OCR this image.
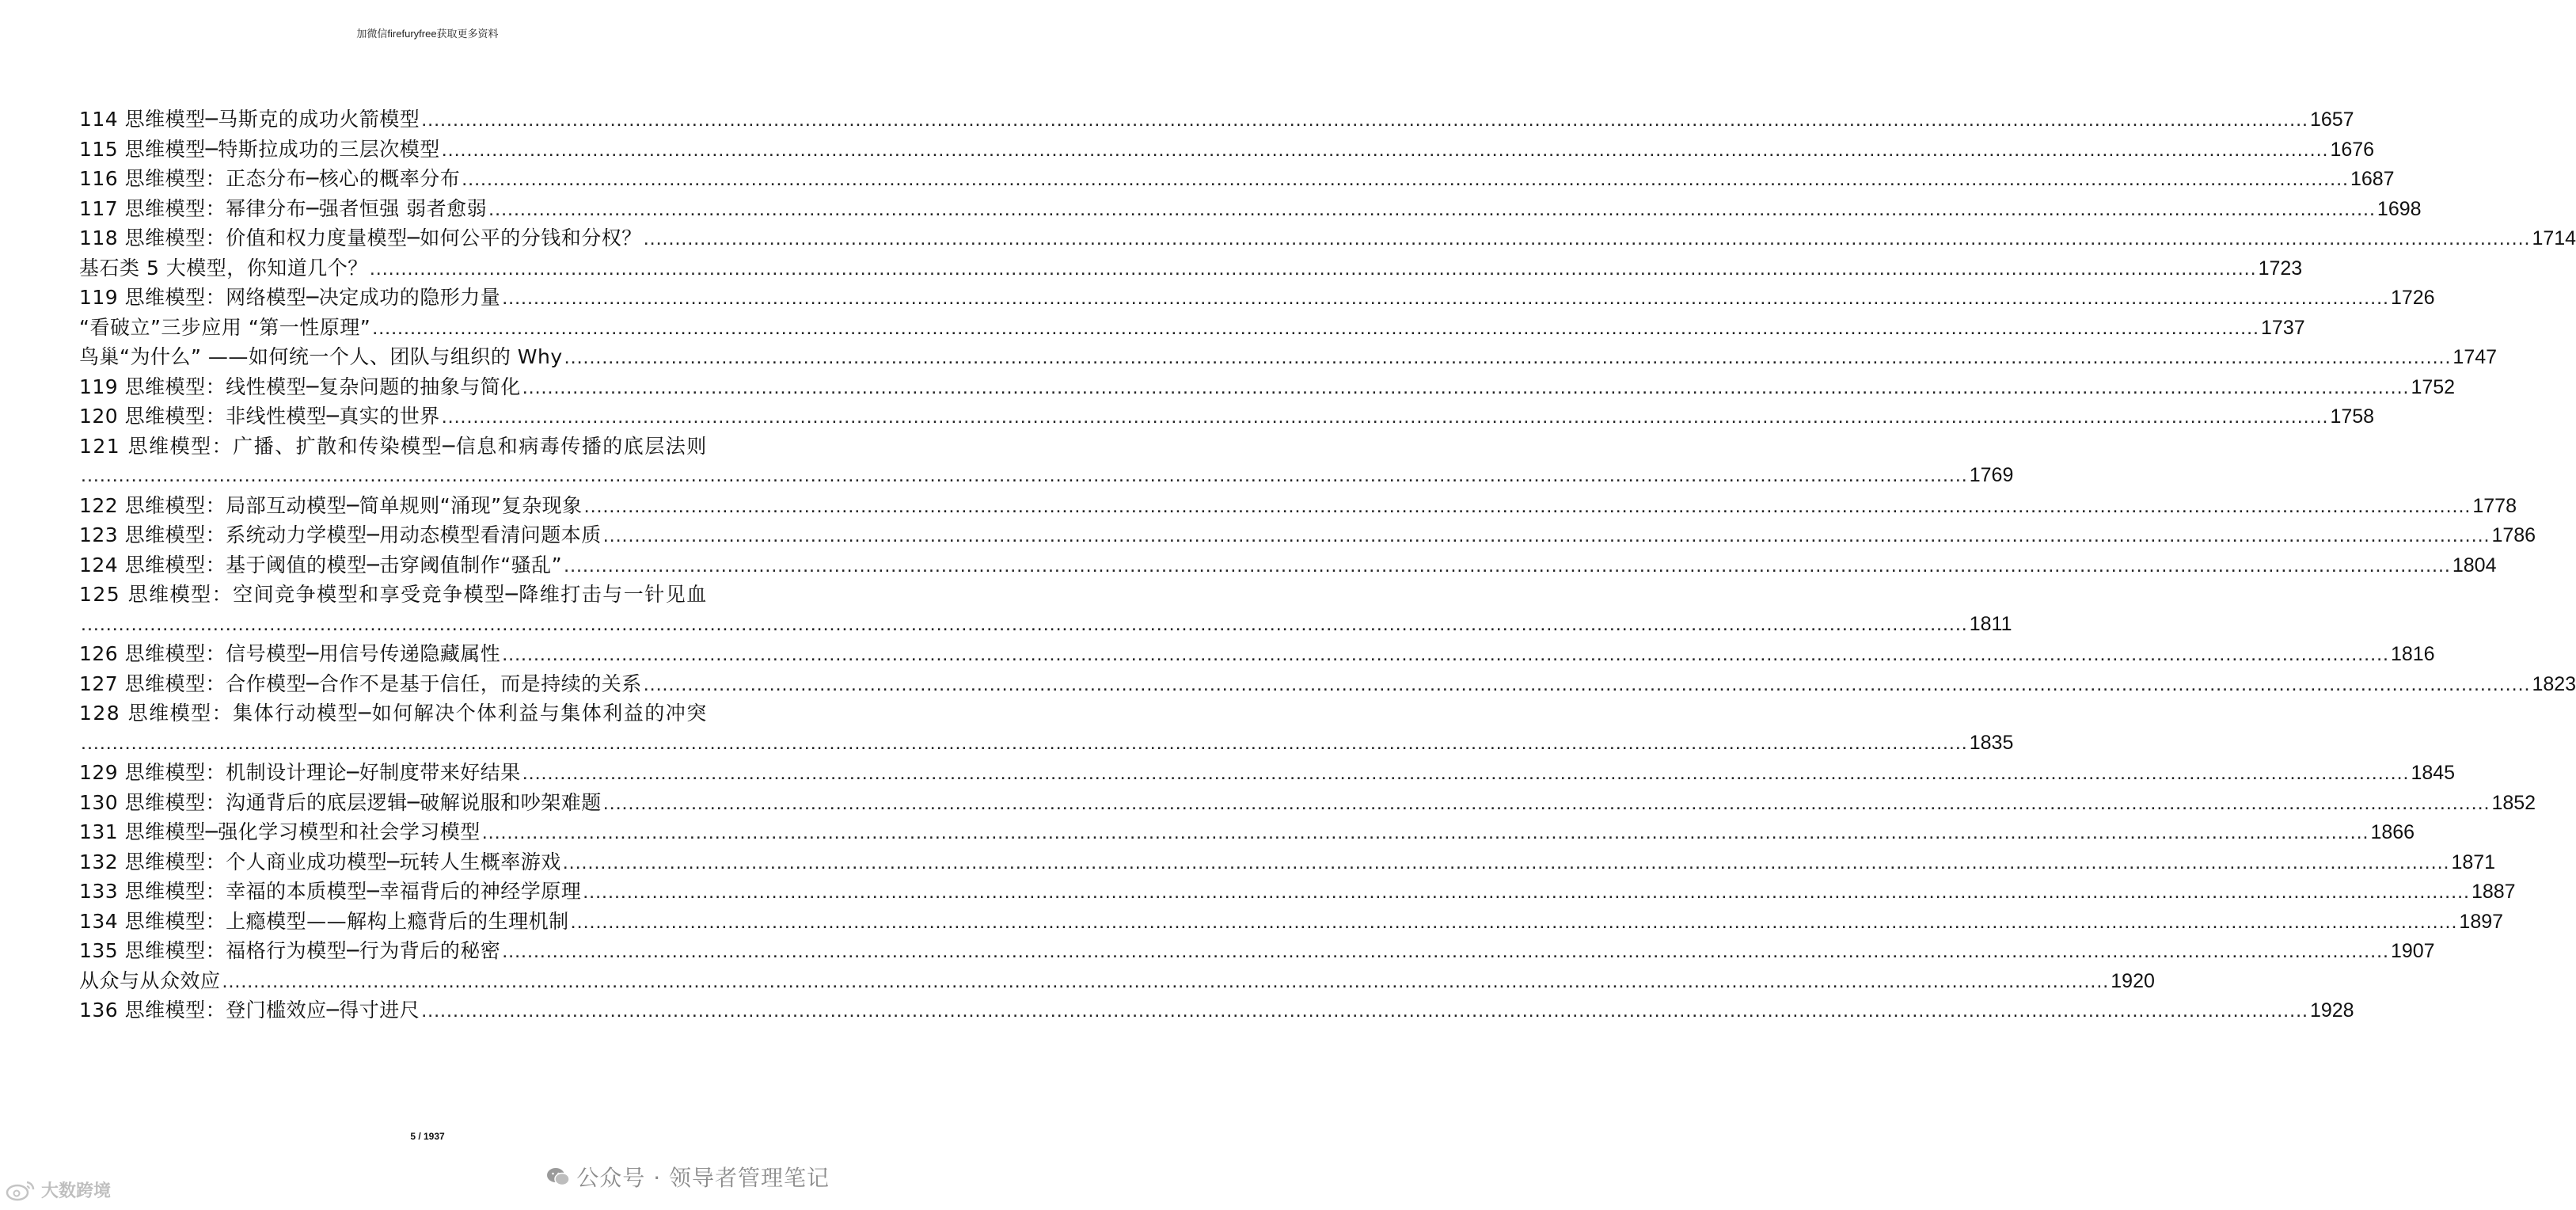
加微信firefuryfree获取更多资料
114 思维模型─马斯克的成功火箭模型 ............................................................................................................................................................................................................................................................................................................ 1657
115 思维模型─特斯拉成功的三层次模型 ............................................................................................................................................................................................................................................................................................................ 1676
116 思维模型：正态分布─核心的概率分布 ............................................................................................................................................................................................................................................................................................................ 1687
117 思维模型：幂律分布─强者恒强 弱者愈弱 ............................................................................................................................................................................................................................................................................................................ 1698
118 思维模型：价值和权力度量模型─如何公平的分钱和分权？ ............................................................................................................................................................................................................................................................................................................ 1714
基石类 5 大模型，你知道几个？ ............................................................................................................................................................................................................................................................................................................ 1723
119 思维模型：网络模型─决定成功的隐形力量 ............................................................................................................................................................................................................................................................................................................ 1726
“看破立”三步应用 “第一性原理” ............................................................................................................................................................................................................................................................................................................ 1737
鸟巢“为什么” ——如何统一个人、团队与组织的 Why ............................................................................................................................................................................................................................................................................................................ 1747
119 思维模型：线性模型─复杂问题的抽象与简化 ............................................................................................................................................................................................................................................................................................................ 1752
120 思维模型：非线性模型─真实的世界 ............................................................................................................................................................................................................................................................................................................ 1758
121 思维模型：广播、扩散和传染模型─信息和病毒传播的底层法则
............................................................................................................................................................................................................................................................................................................ 1769
122 思维模型：局部互动模型─简单规则“涌现”复杂现象 ............................................................................................................................................................................................................................................................................................................ 1778
123 思维模型：系统动力学模型─用动态模型看清问题本质 ............................................................................................................................................................................................................................................................................................................ 1786
124 思维模型：基于阈值的模型─击穿阈值制作“骚乱” ............................................................................................................................................................................................................................................................................................................ 1804
125 思维模型：空间竞争模型和享受竞争模型─降维打击与一针见血
............................................................................................................................................................................................................................................................................................................ 1811
126 思维模型：信号模型─用信号传递隐藏属性 ............................................................................................................................................................................................................................................................................................................ 1816
127 思维模型：合作模型─合作不是基于信任，而是持续的关系 ............................................................................................................................................................................................................................................................................................................ 1823
128 思维模型：集体行动模型─如何解决个体利益与集体利益的冲突
............................................................................................................................................................................................................................................................................................................ 1835
129 思维模型：机制设计理论─好制度带来好结果 ............................................................................................................................................................................................................................................................................................................ 1845
130 思维模型：沟通背后的底层逻辑─破解说服和吵架难题 ............................................................................................................................................................................................................................................................................................................ 1852
131 思维模型─强化学习模型和社会学习模型 ............................................................................................................................................................................................................................................................................................................ 1866
132 思维模型：个人商业成功模型─玩转人生概率游戏 ............................................................................................................................................................................................................................................................................................................ 1871
133 思维模型：幸福的本质模型─幸福背后的神经学原理 ............................................................................................................................................................................................................................................................................................................ 1887
134 思维模型：上瘾模型——解构上瘾背后的生理机制 ............................................................................................................................................................................................................................................................................................................ 1897
135 思维模型：福格行为模型─行为背后的秘密 ............................................................................................................................................................................................................................................................................................................ 1907
从众与从众效应 ............................................................................................................................................................................................................................................................................................................ 1920
136 思维模型：登门槛效应─得寸进尺 ............................................................................................................................................................................................................................................................................................................ 1928
5 / 1937
公众号 · 领导者管理笔记
大数跨境
